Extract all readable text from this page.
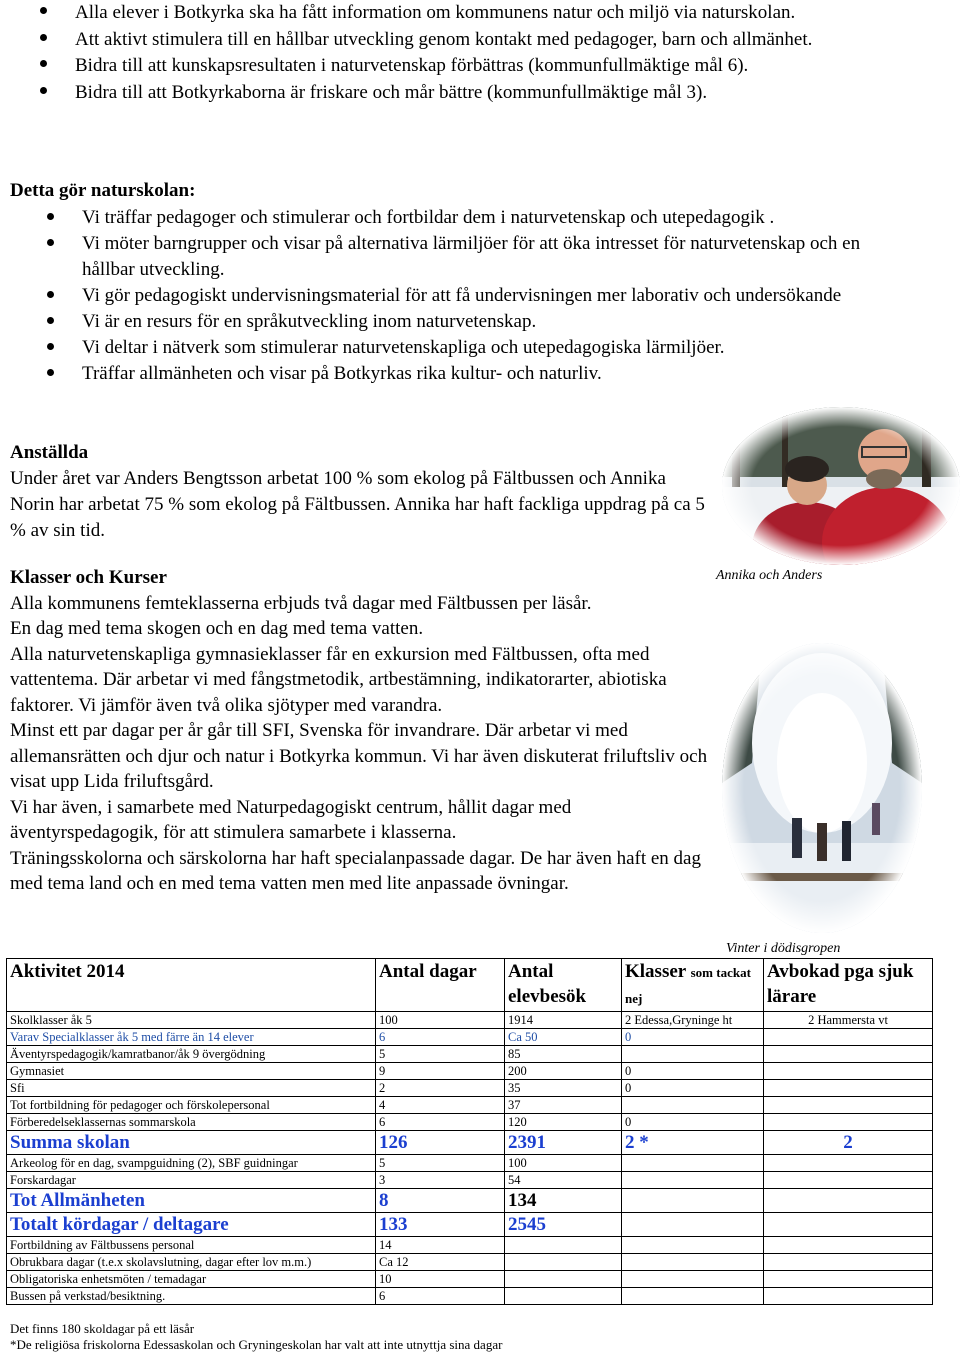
Alla elever i Botkyrka ska ha fått information om kommunens natur och miljö via naturskolan.
Att aktivt stimulera till en hållbar utveckling genom kontakt med pedagoger, barn och allmänhet.
Bidra till att kunskapsresultaten i naturvetenskap förbättras (kommunfullmäktige mål 6).
Bidra till att Botkyrkaborna är friskare och mår bättre (kommunfullmäktige mål 3).
Detta gör naturskolan:
Vi träffar pedagoger och stimulerar och fortbildar dem i naturvetenskap och utepedagogik .
Vi möter barngrupper och visar på alternativa lärmiljöer för att öka intresset för naturvetenskap och en hållbar utveckling.
Vi gör pedagogiskt undervisningsmaterial för att få undervisningen mer laborativ och undersökande
Vi är en resurs för en språkutveckling inom naturvetenskap.
Vi deltar i nätverk som stimulerar naturvetenskapliga och utepedagogiska lärmiljöer.
Träffar allmänheten och visar på Botkyrkas rika kultur- och naturliv.
Anställda
Under året var Anders Bengtsson arbetat 100 % som ekolog på Fältbussen och Annika Norin har arbetat 75 % som ekolog på Fältbussen. Annika har haft fackliga uppdrag på ca 5 % av sin tid.
Klasser och Kurser
Alla kommunens femteklasserna erbjuds två dagar med Fältbussen per läsår.
En dag med tema skogen och en dag med tema vatten.
Alla naturvetenskapliga gymnasieklasser får en exkursion med Fältbussen, ofta med vattentema. Där arbetar vi med fångstmetodik, artbestämning, indikatorarter, abiotiska faktorer. Vi jämför även två olika sjötyper med varandra.
Minst ett par dagar per år går till SFI, Svenska för invandrare. Där arbetar vi med allemansrätten och djur och natur i Botkyrka kommun. Vi har även diskuterat friluftsliv och visat upp Lida friluftsgård.
Vi har även, i samarbete med Naturpedagogiskt centrum, hållit dagar med äventyrspedagogik, för att stimulera samarbete i klasserna.
Träningsskolorna och särskolorna har haft specialanpassade dagar. De har även haft en dag med tema land och en med tema vatten men med lite anpassade övningar.
Annika och Anders
Vinter i dödisgropen
Aktivitet 2014	Antal dagar	Antal elevbesök	Klasser som tackat nej	Avbokad pga sjuk lärare
Skolklasser åk 5	100	1914	2 Edessa,Gryninge ht	2 Hammersta vt
Varav Specialklasser åk 5 med färre än 14 elever	6	Ca 50	0	
Äventyrspedagogik/kamratbanor/åk 9 övergödning	5	85		
Gymnasiet	9	200	0	
Sfi	2	35	0	
Tot fortbildning för pedagoger och förskolepersonal	4	37		
Förberedelseklassernas sommarskola	6	120	0	
Summa skolan	126	2391	2 *	2
Arkeolog för en dag, svampguidning (2), SBF guidningar	5	100		
Forskardagar	3	54		
Tot Allmänheten	8	134		
Totalt kördagar / deltagare	133	2545		
Fortbildning av Fältbussens personal	14			
Obrukbara dagar (t.e.x skolavslutning, dagar efter lov m.m.)	Ca 12			
Obligatoriska enhetsmöten / temadagar	10			
Bussen på verkstad/besiktning.	6			
Det finns 180 skoldagar på ett läsår
*De religiösa friskolorna Edessaskolan och Gryningeskolan har valt att inte utnyttja sina dagar
